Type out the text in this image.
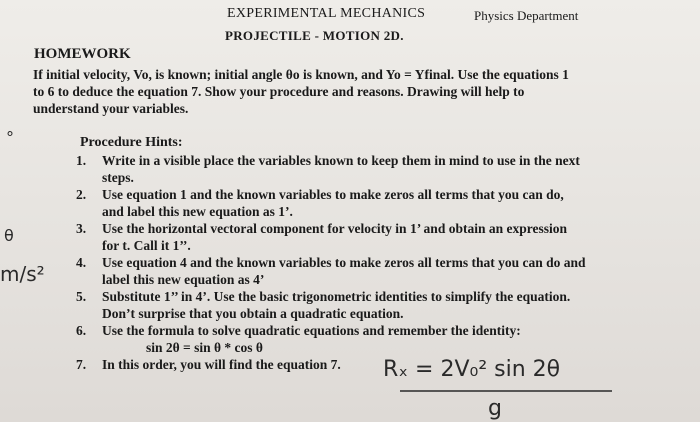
EXPERIMENTAL MECHANICS	Physics Department
PROJECTILE - MOTION 2D.
HOMEWORK
If initial velocity, Vo, is known; initial angle θo is known, and Yo = Yfinal. Use the equations 1
to 6 to deduce the equation 7. Show your procedure and reasons. Drawing will help to
understand your variables.
Procedure Hints:
1. Write in a visible place the variables known to keep them in mind to use in the next
steps.
2. Use equation 1 and the known variables to make zeros all terms that you can do,
and label this new equation as 1’.
3. Use the horizontal vectoral component for velocity in 1’ and obtain an expression
for t. Call it 1’’.
4. Use equation 4 and the known variables to make zeros all terms that you can do and
label this new equation as 4’
5. Substitute 1’’ in 4’. Use the basic trigonometric identities to simplify the equation.
Don’t surprise that you obtain a quadratic equation.
6. Use the formula to solve quadratic equations and remember the identity:
sin 2θ = sin θ * cos θ
7. In this order, you will find the equation 7.
°
θ
m/s²
Rₓ = 2V₀² sin 2θ
g
